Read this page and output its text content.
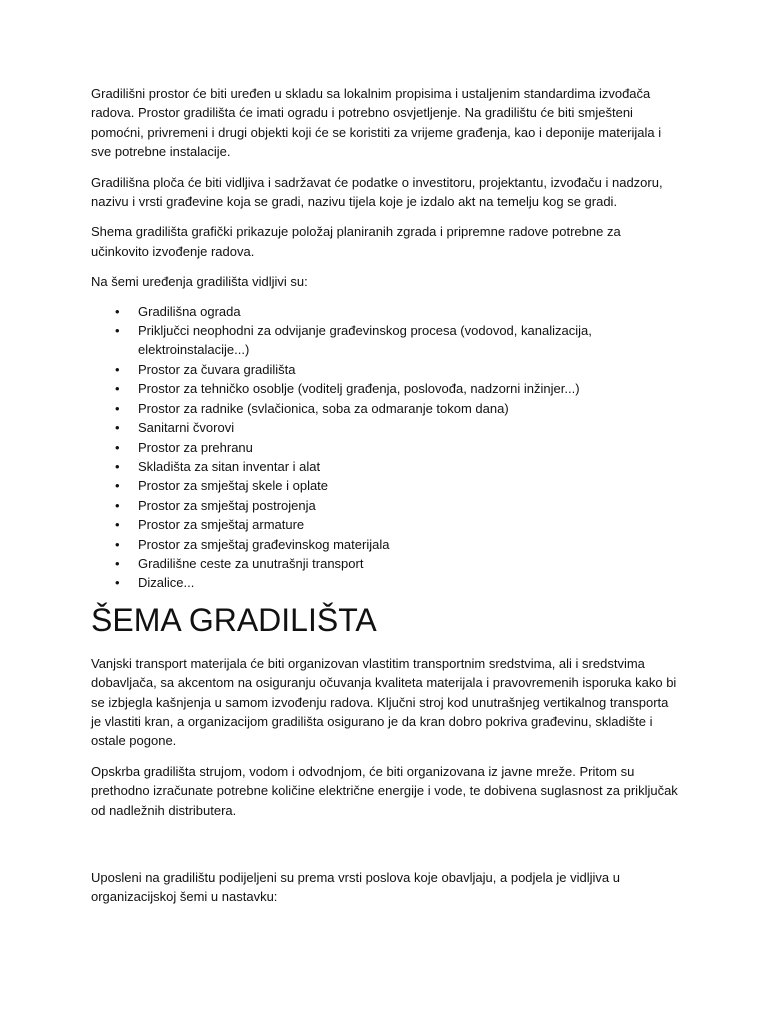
Gradilišni prostor će biti uređen u skladu sa lokalnim propisima i ustaljenim standardima izvođača radova. Prostor gradilišta će imati ogradu i potrebno osvjetljenje. Na gradilištu će biti smješteni pomoćni, privremeni i drugi objekti koji će se koristiti za vrijeme građenja, kao i deponije materijala i sve potrebne instalacije.

Gradilišna ploča će biti vidljiva i sadržavat će podatke o investitoru, projektantu, izvođaču i nadzoru, nazivu i vrsti građevine koja se gradi, nazivu tijela koje je izdalo akt na temelju kog se gradi.

Shema gradilišta grafički prikazuje položaj planiranih zgrada i pripremne radove potrebne za učinkovito izvođenje radova.

Na šemi uređenja gradilišta vidljivi su:

• Gradilišna ograda
• Priključci neophodni za odvijanje građevinskog procesa (vodovod, kanalizacija, elektroinstalacije...)
• Prostor za čuvara gradilišta
• Prostor za tehničko osoblje (voditelj građenja, poslovođa, nadzorni inžinjer...)
• Prostor za radnike (svlačionica, soba za odmaranje tokom dana)
• Sanitarni čvorovi
• Prostor za prehranu
• Skladišta za sitan inventar i alat
• Prostor za smještaj skele i oplate
• Prostor za smještaj postrojenja
• Prostor za smještaj armature
• Prostor za smještaj građevinskog materijala
• Gradilišne ceste za unutrašnji transport
• Dizalice...
ŠEMA GRADILIŠTA

Vanjski transport materijala će biti organizovan vlastitim transportnim sredstvima, ali i sredstvima dobavljača, sa akcentom na osiguranju očuvanja kvaliteta materijala i pravovremenih isporuka kako bi se izbjegla kašnjenja u samom izvođenju radova. Ključni stroj kod unutrašnjeg vertikalnog transporta je vlastiti kran, a organizacijom gradilišta osigurano je da kran dobro pokriva građevinu, skladište i ostale pogone.

Opskrba gradilišta strujom, vodom i odvodnjom, će biti organizovana iz javne mreže. Pritom su prethodno izračunate potrebne količine električne energije i vode, te dobivena suglasnost za priključak od nadležnih distributera.

Uposleni na gradilištu podijeljeni su prema vrsti poslova koje obavljaju, a podjela je vidljiva u organizacijskoj šemi u nastavku:
